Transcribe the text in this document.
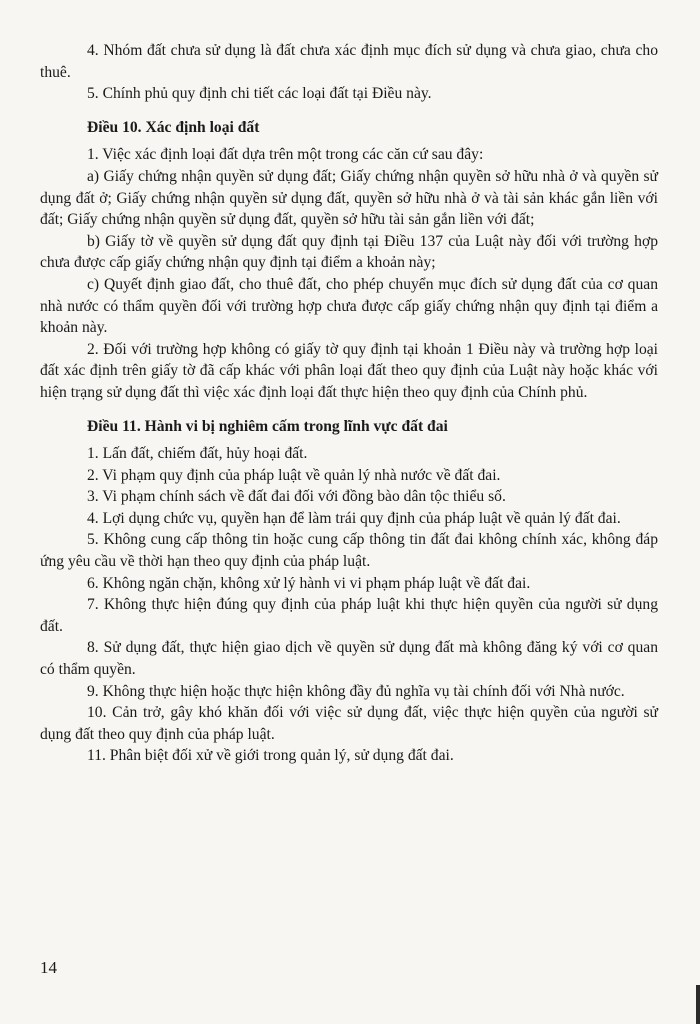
4. Nhóm đất chưa sử dụng là đất chưa xác định mục đích sử dụng và chưa giao, chưa cho thuê.

5. Chính phủ quy định chi tiết các loại đất tại Điều này.

Điều 10. Xác định loại đất

1. Việc xác định loại đất dựa trên một trong các căn cứ sau đây:

a) Giấy chứng nhận quyền sử dụng đất; Giấy chứng nhận quyền sở hữu nhà ở và quyền sử dụng đất ở; Giấy chứng nhận quyền sử dụng đất, quyền sở hữu nhà ở và tài sản khác gắn liền với đất; Giấy chứng nhận quyền sử dụng đất, quyền sở hữu tài sản gắn liền với đất;

b) Giấy tờ về quyền sử dụng đất quy định tại Điều 137 của Luật này đối với trường hợp chưa được cấp giấy chứng nhận quy định tại điểm a khoản này;

c) Quyết định giao đất, cho thuê đất, cho phép chuyển mục đích sử dụng đất của cơ quan nhà nước có thẩm quyền đối với trường hợp chưa được cấp giấy chứng nhận quy định tại điểm a khoản này.

2. Đối với trường hợp không có giấy tờ quy định tại khoản 1 Điều này và trường hợp loại đất xác định trên giấy tờ đã cấp khác với phân loại đất theo quy định của Luật này hoặc khác với hiện trạng sử dụng đất thì việc xác định loại đất thực hiện theo quy định của Chính phủ.

Điều 11. Hành vi bị nghiêm cấm trong lĩnh vực đất đai

1. Lấn đất, chiếm đất, hủy hoại đất.

2. Vi phạm quy định của pháp luật về quản lý nhà nước về đất đai.

3. Vi phạm chính sách về đất đai đối với đồng bào dân tộc thiểu số.

4. Lợi dụng chức vụ, quyền hạn để làm trái quy định của pháp luật về quản lý đất đai.

5. Không cung cấp thông tin hoặc cung cấp thông tin đất đai không chính xác, không đáp ứng yêu cầu về thời hạn theo quy định của pháp luật.

6. Không ngăn chặn, không xử lý hành vi vi phạm pháp luật về đất đai.

7. Không thực hiện đúng quy định của pháp luật khi thực hiện quyền của người sử dụng đất.

8. Sử dụng đất, thực hiện giao dịch về quyền sử dụng đất mà không đăng ký với cơ quan có thẩm quyền.

9. Không thực hiện hoặc thực hiện không đầy đủ nghĩa vụ tài chính đối với Nhà nước.

10. Cản trở, gây khó khăn đối với việc sử dụng đất, việc thực hiện quyền của người sử dụng đất theo quy định của pháp luật.

11. Phân biệt đối xử về giới trong quản lý, sử dụng đất đai.

14
